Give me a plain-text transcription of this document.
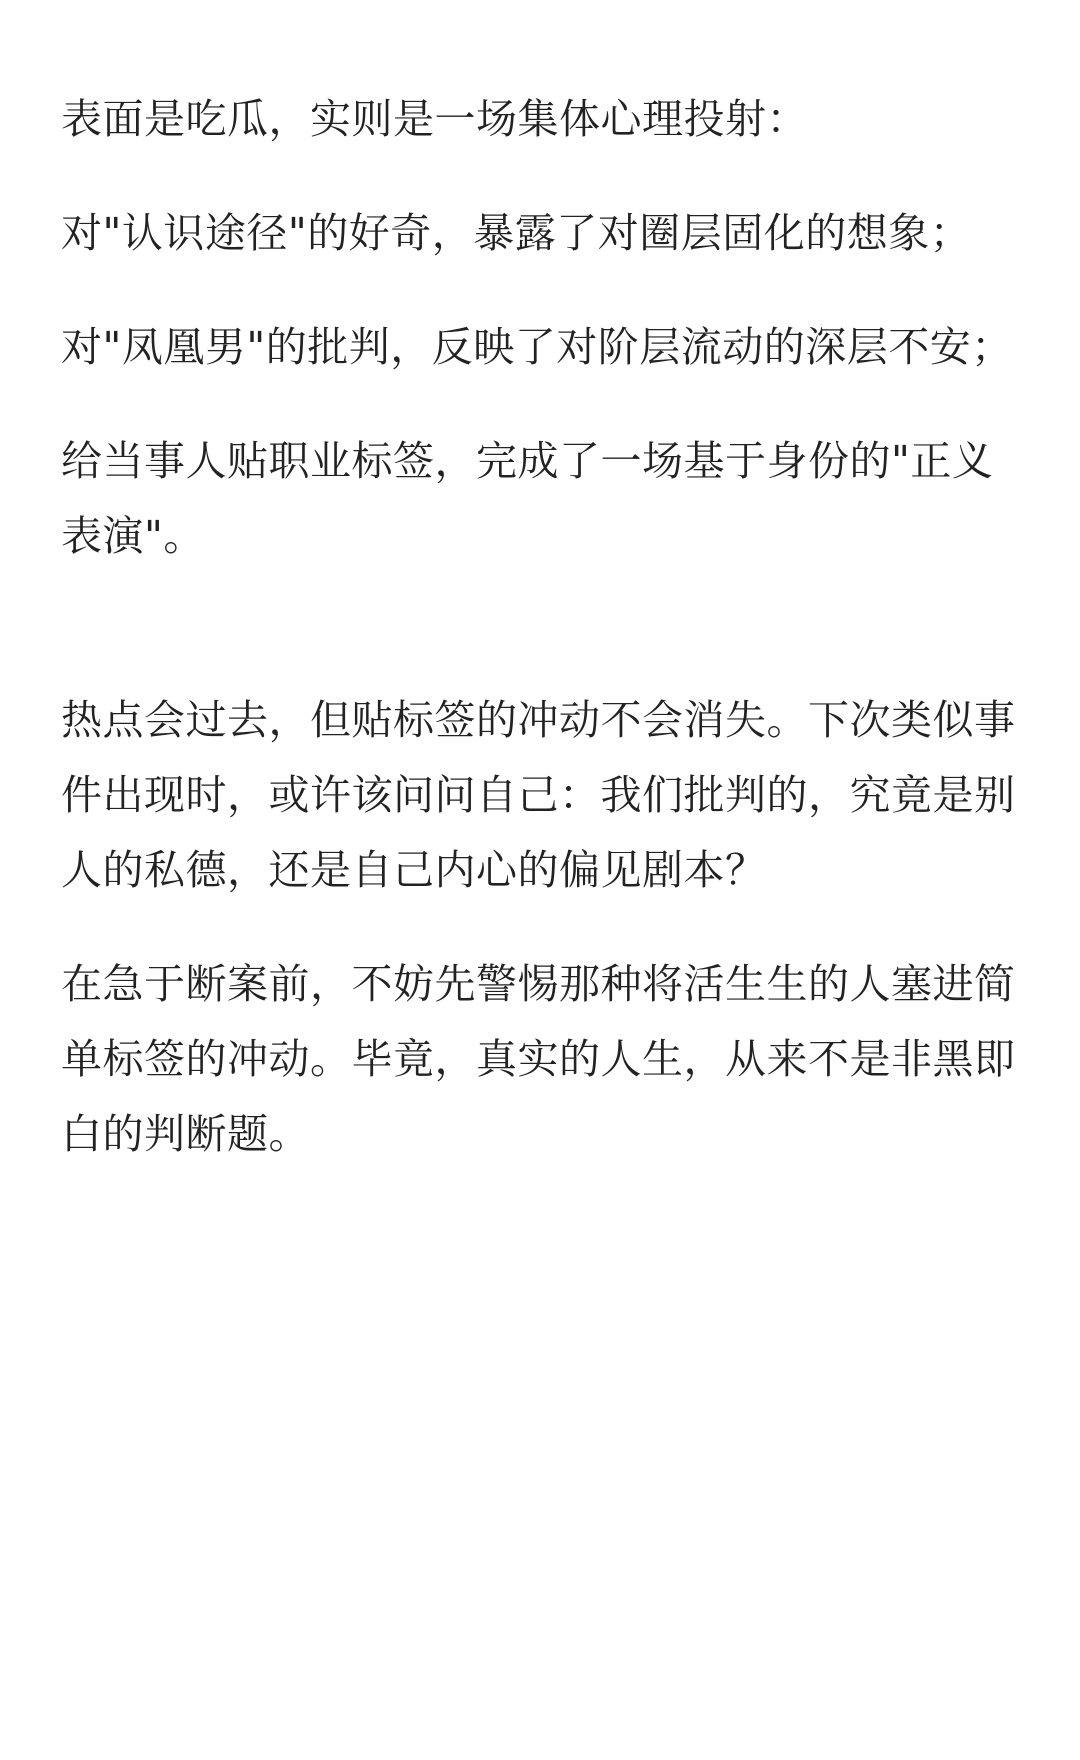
表面是吃瓜，实则是一场集体心理投射：

对"认识途径"的好奇，暴露了对圈层固化的想象；

对"凤凰男"的批判，反映了对阶层流动的深层不安；

给当事人贴职业标签，完成了一场基于身份的"正义表演"。

热点会过去，但贴标签的冲动不会消失。下次类似事件出现时，或许该问问自己：我们批判的，究竟是别人的私德，还是自己内心的偏见剧本？

在急于断案前，不妨先警惕那种将活生生的人塞进简单标签的冲动。毕竟，真实的人生，从来不是非黑即白的判断题。
